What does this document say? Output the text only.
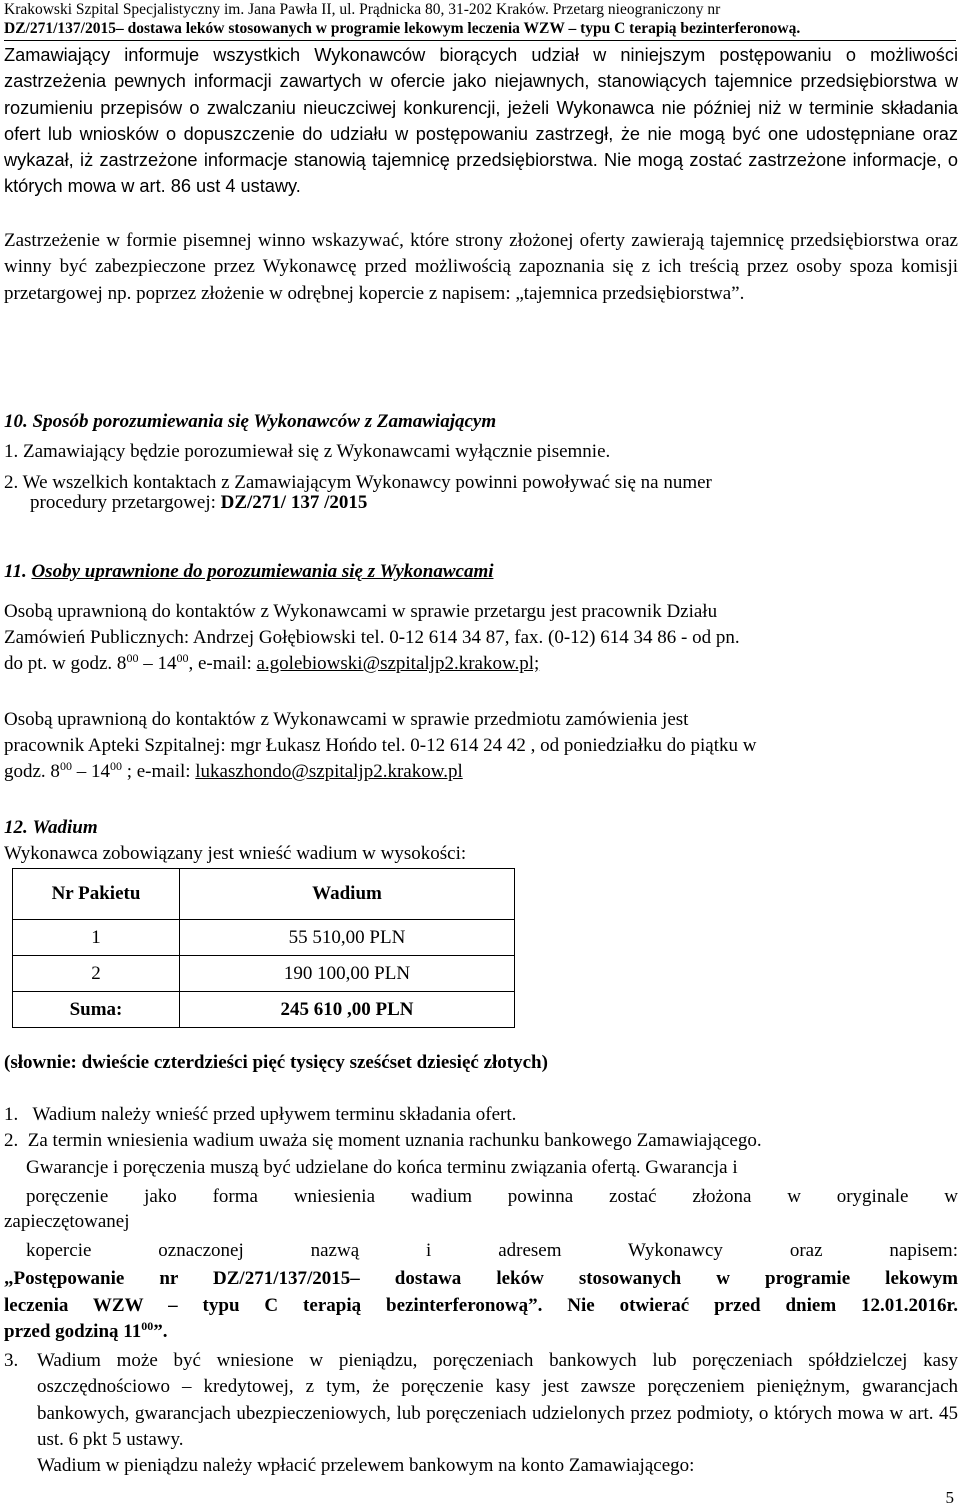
Krakowski Szpital Specjalistyczny im. Jana Pawła II, ul. Prądnicka 80, 31-202 Kraków. Przetarg nieograniczony nr
DZ/271/137/2015– dostawa leków stosowanych w programie lekowym leczenia WZW – typu C terapią bezinterferonową.
Zamawiający informuje wszystkich Wykonawców biorących udział w niniejszym postępowaniu o możliwości zastrzeżenia pewnych informacji zawartych w ofercie jako niejawnych, stanowiących tajemnice przedsiębiorstwa w rozumieniu przepisów o zwalczaniu nieuczciwej konkurencji, jeżeli Wykonawca nie później niż w terminie składania ofert lub wniosków o dopuszczenie do udziału w postępowaniu zastrzegł, że nie mogą być one udostępniane oraz wykazał, iż zastrzeżone informacje stanowią tajemnicę przedsiębiorstwa. Nie mogą zostać zastrzeżone informacje, o których mowa w art. 86 ust 4 ustawy.
Zastrzeżenie w formie pisemnej winno wskazywać, które strony złożonej oferty zawierają tajemnicę przedsiębiorstwa oraz winny być zabezpieczone przez Wykonawcę przed możliwością zapoznania się z ich treścią przez osoby spoza komisji przetargowej np. poprzez złożenie w odrębnej kopercie z napisem: „tajemnica przedsiębiorstwa”.
10. Sposób porozumiewania się Wykonawców z Zamawiającym
1. Zamawiający będzie porozumiewał się z Wykonawcami wyłącznie pisemnie.
2. We wszelkich kontaktach z Zamawiającym Wykonawcy powinni powoływać się na numer
procedury przetargowej: DZ/271/ 137 /2015
11. Osoby uprawnione do porozumiewania się z Wykonawcami
Osobą uprawnioną do kontaktów z Wykonawcami w sprawie przetargu jest pracownik Działu
Zamówień Publicznych: Andrzej Gołębiowski tel. 0-12 614 34 87, fax. (0-12) 614 34 86 - od pn.
do pt. w godz. $8^{00} - 14^{00}$, e-mail: a.golebiowski@szpitaljp2.krakow.pl;
Osobą uprawnioną do kontaktów z Wykonawcami w sprawie przedmiotu zamówienia jest
pracownik Apteki Szpitalnej: mgr Łukasz Hońdo tel. 0-12 614 24 42 , od poniedziałku do piątku w
godz. $8^{00} - 14^{00}$ ; e-mail: lukaszhondo@szpitaljp2.krakow.pl
12. Wadium
Wykonawca zobowiązany jest wnieść wadium w wysokości:
Nr Pakietu	Wadium
1	55 510,00 PLN
2	190 100,00 PLN
Suma:	245 610 ,00 PLN
(słownie: dwieście czterdzieści pięć tysięcy sześćset dziesięć złotych)
1. Wadium należy wnieść przed upływem terminu składania ofert.
2. Za termin wniesienia wadium uważa się moment uznania rachunku bankowego Zamawiającego.
Gwarancje i poręczenia muszą być udzielane do końca terminu związania ofertą. Gwarancja i
poręczenie jako forma wniesienia wadium powinna zostać złożona w oryginale w
zapieczętowanej
kopercie oznaczonej nazwą i adresem Wykonawcy oraz napisem:
„Postępowanie nr DZ/271/137/2015– dostawa leków stosowanych w programie lekowym
leczenia WZW – typu C terapią bezinterferonową”. Nie otwierać przed dniem 12.01.2016r.
przed godziną $11^{00}$”.
3. Wadium może być wniesione w pieniądzu, poręczeniach bankowych lub poręczeniach spółdzielczej kasy oszczędnościowo – kredytowej, z tym, że poręczenie kasy jest zawsze poręczeniem pieniężnym, gwarancjach bankowych, gwarancjach ubezpieczeniowych, lub poręczeniach udzielonych przez podmioty, o których mowa w art. 45 ust. 6 pkt 5 ustawy.
Wadium w pieniądzu należy wpłacić przelewem bankowym na konto Zamawiającego:
5
